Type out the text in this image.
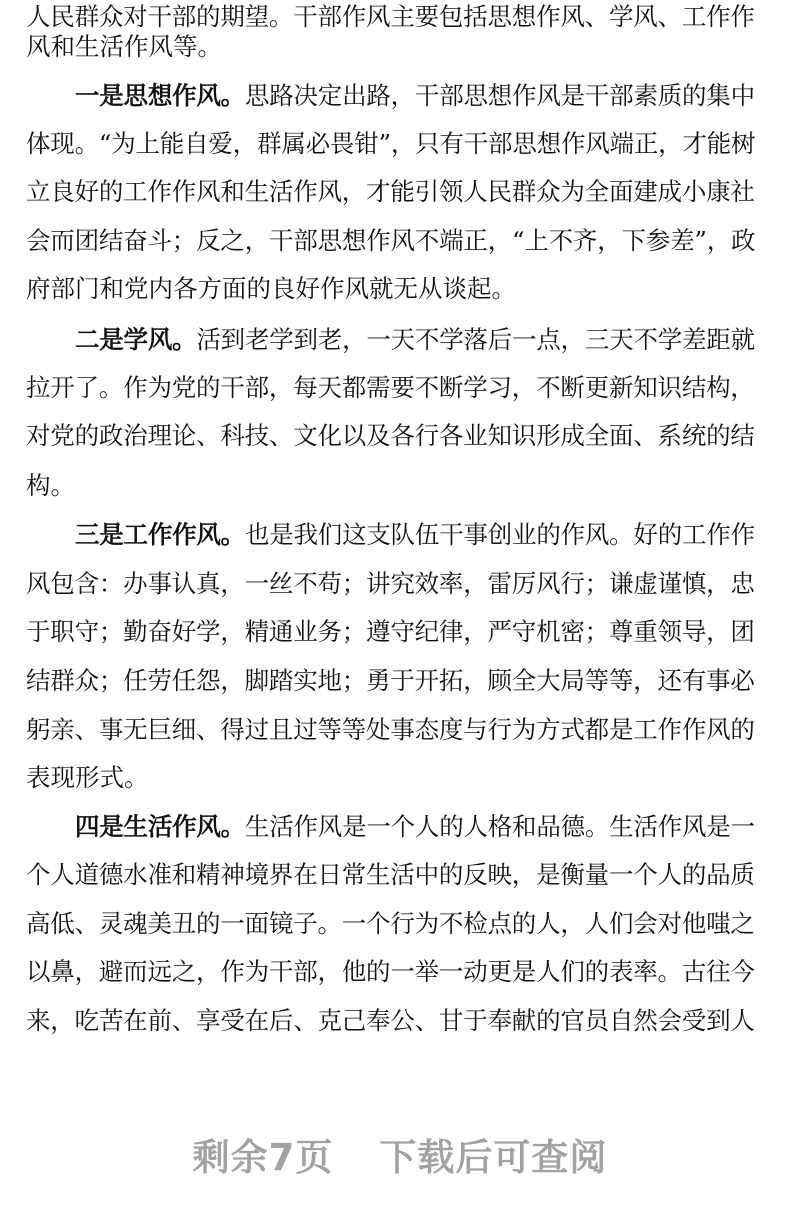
人民群众对干部的期望。干部作风主要包括思想作风、学风、工作作
风和生活作风等。
一是思想作风。思路决定出路，干部思想作风是干部素质的集中
体现。“为上能自爱，群属必畏钳”，只有干部思想作风端正，才能树
立良好的工作作风和生活作风，才能引领人民群众为全面建成小康社
会而团结奋斗；反之，干部思想作风不端正，“上不齐，下参差”，政
府部门和党内各方面的良好作风就无从谈起。
二是学风。活到老学到老，一天不学落后一点，三天不学差距就
拉开了。作为党的干部，每天都需要不断学习，不断更新知识结构，
对党的政治理论、科技、文化以及各行各业知识形成全面、系统的结
构。
三是工作作风。也是我们这支队伍干事创业的作风。好的工作作
风包含：办事认真，一丝不苟；讲究效率，雷厉风行；谦虚谨慎，忠
于职守；勤奋好学，精通业务；遵守纪律，严守机密；尊重领导，团
结群众；任劳任怨，脚踏实地；勇于开拓，顾全大局等等，还有事必
躬亲、事无巨细、得过且过等等处事态度与行为方式都是工作作风的
表现形式。
四是生活作风。生活作风是一个人的人格和品德。生活作风是一
个人道德水准和精神境界在日常生活中的反映，是衡量一个人的品质
高低、灵魂美丑的一面镜子。一个行为不检点的人，人们会对他嗤之
以鼻，避而远之，作为干部，他的一举一动更是人们的表率。古往今
来，吃苦在前、享受在后、克己奉公、甘于奉献的官员自然会受到人
剩余7页 下载后可查阅
